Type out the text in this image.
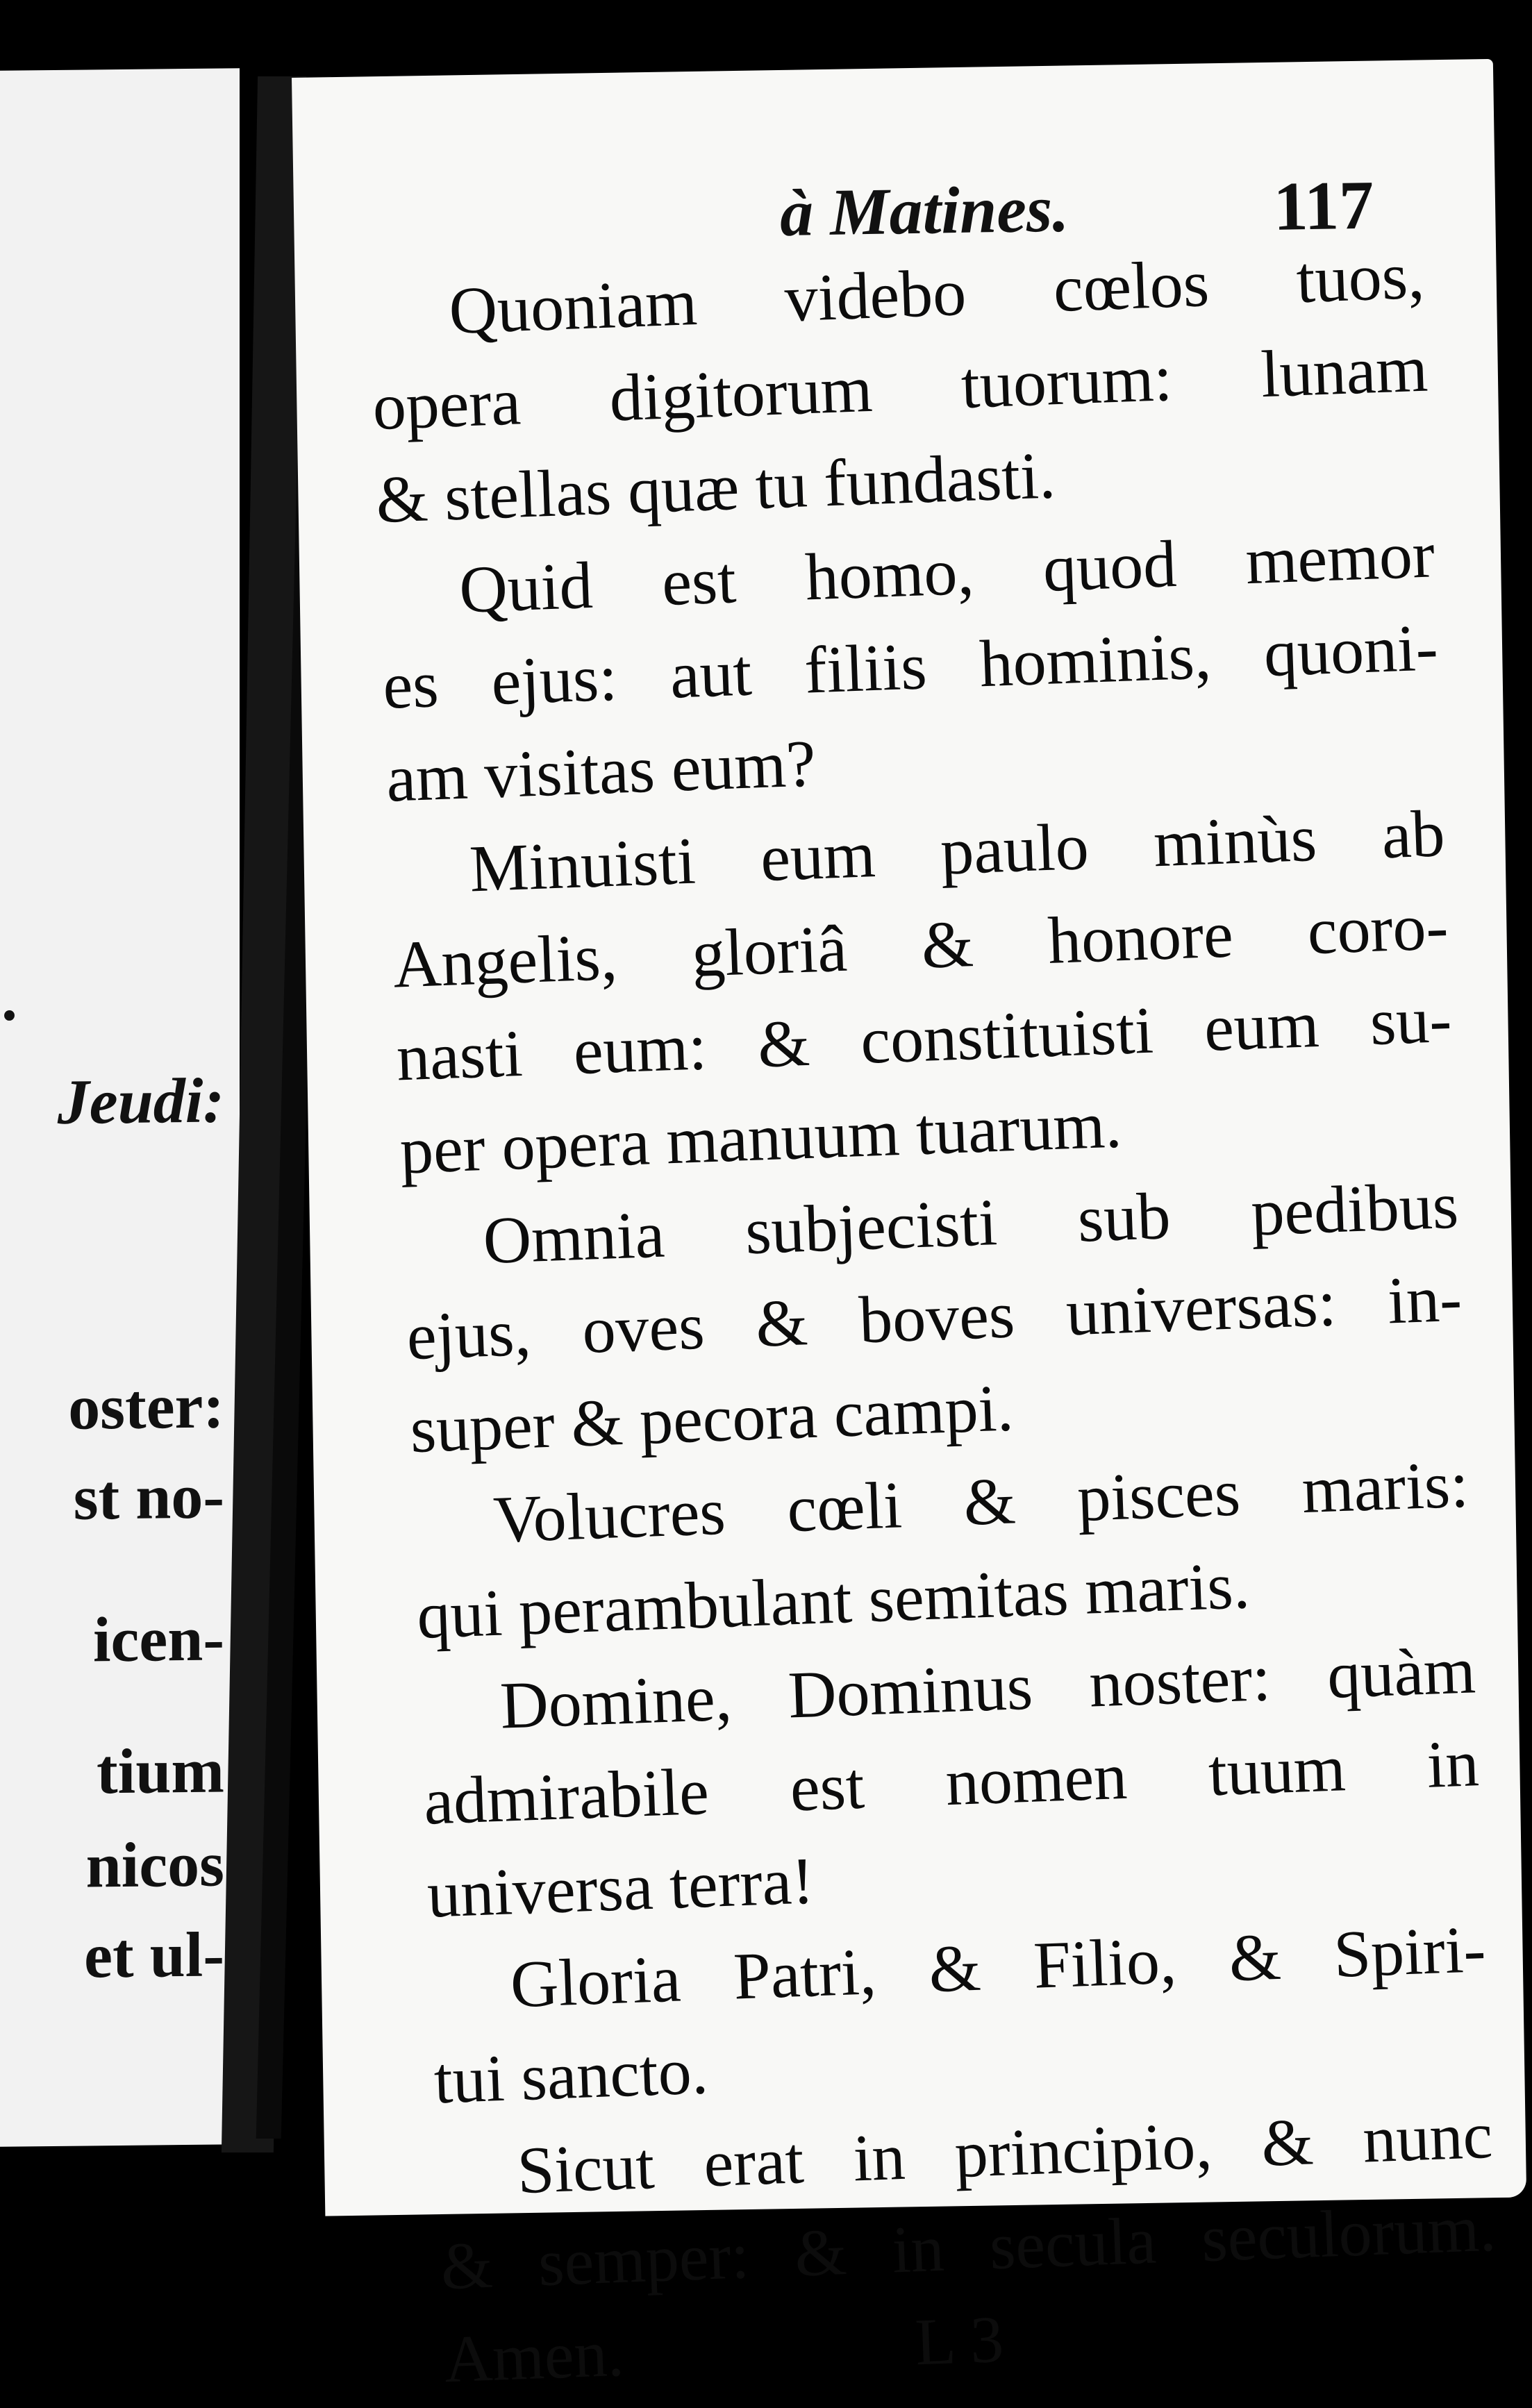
.
Jeudi:
oster:
st no-
icen-
tium
nicos
et ul-
à Matines.	117
Quoniam videbo cœlos tuos,
opera digitorum tuorum: lunam
& stellas quæ tu fundasti.
Quid est homo, quod memor
es ejus: aut filiis hominis, quoni-
am visitas eum?
Minuisti eum paulo minùs ab
Angelis, gloriâ & honore coro-
nasti eum: & constituisti eum su-
per opera manuum tuarum.
Omnia subjecisti sub pedibus
ejus, oves & boves universas: in-
super & pecora campi.
Volucres cœli & pisces maris:
qui perambulant semitas maris.
Domine, Dominus noster: quàm
admirabile est nomen tuum in
universa terra!
Gloria Patri, & Filio, & Spiri-
tui sanсto.
Sicut erat in principio, & nunc
& semper: & in secula seculorum.
Amen.	L 3
